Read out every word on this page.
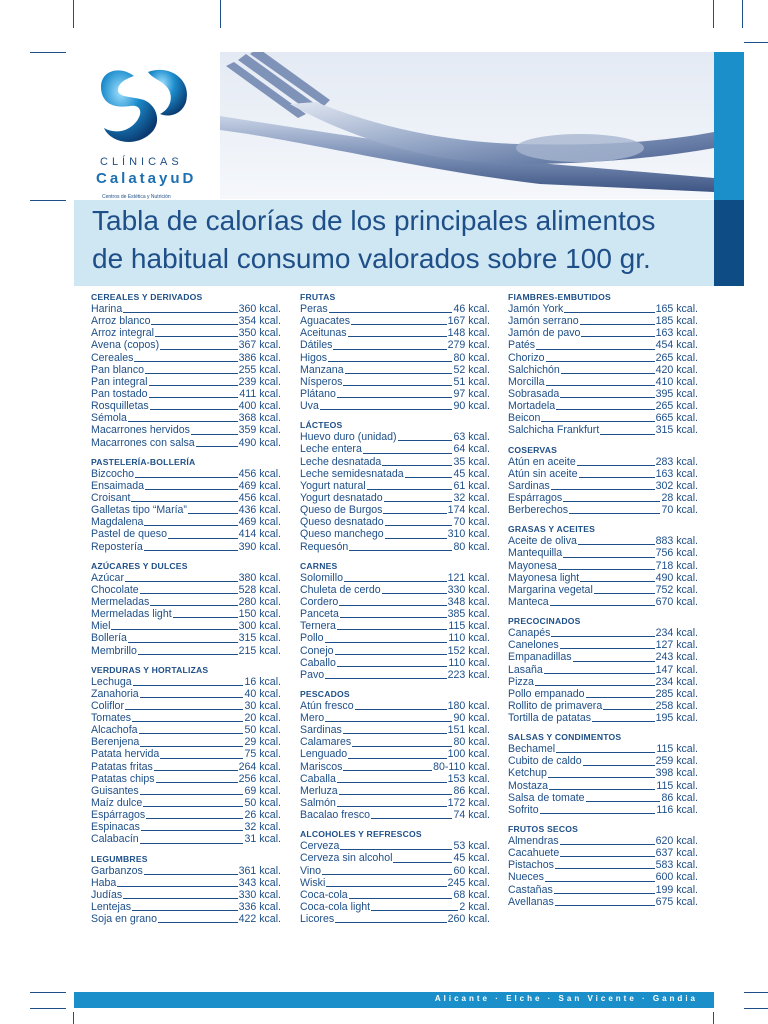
CLÍNICAS
CalatayuD
Centros de Estética y Nutrición
Tabla de calorías de los principales alimentos
de habitual consumo valorados sobre 100 gr.
CEREALES Y DERIVADOS
Harina	360 kcal.
Arroz blanco	354 kcal.
Arroz integral	350 kcal.
Avena (copos)	367 kcal.
Cereales	386 kcal.
Pan blanco	255 kcal.
Pan integral	239 kcal.
Pan tostado	411 kcal.
Rosquilletas	400 kcal.
Sémola	368 kcal.
Macarrones hervidos	359 kcal.
Macarrones con salsa	490 kcal.
PASTELERÍA-BOLLERÍA
Bizcocho	456 kcal.
Ensaimada	469 kcal.
Croisant	456 kcal.
Galletas tipo “María”	436 kcal.
Magdalena	469 kcal.
Pastel de queso	414 kcal.
Repostería	390 kcal.
AZÚCARES Y DULCES
Azúcar	380 kcal.
Chocolate	528 kcal.
Mermeladas	280 kcal.
Mermeladas light	150 kcal.
Miel	300 kcal.
Bollería	315 kcal.
Membrillo	215 kcal.
VERDURAS Y HORTALIZAS
Lechuga	16 kcal.
Zanahoria	40 kcal.
Coliflor	30 kcal.
Tomates	20 kcal.
Alcachofa	50 kcal.
Berenjena	29 kcal.
Patata hervida	75 kcal.
Patatas fritas	264 kcal.
Patatas chips	256 kcal.
Guisantes	69 kcal.
Maíz dulce	50 kcal.
Espárragos	26 kcal.
Espinacas	32 kcal.
Calabacín	31 kcal.
LEGUMBRES
Garbanzos	361 kcal.
Haba	343 kcal.
Judías	330 kcal.
Lentejas	336 kcal.
Soja en grano	422 kcal.
FRUTAS
Peras	46 kcal.
Aguacates	167 kcal.
Aceitunas	148 kcal.
Dátiles	279 kcal.
Higos	80 kcal.
Manzana	52 kcal.
Nísperos	51 kcal.
Plátano	97 kcal.
Uva	90 kcal.
LÁCTEOS
Huevo duro (unidad)	63 kcal.
Leche entera	64 kcal.
Leche desnatada	35 kcal.
Leche semidesnatada	45 kcal.
Yogurt natural	61 kcal.
Yogurt desnatado	32 kcal.
Queso de Burgos	174 kcal.
Queso desnatado	70 kcal.
Queso manchego	310 kcal.
Requesón	80 kcal.
CARNES
Solomillo	121 kcal.
Chuleta de cerdo	330 kcal.
Cordero	348 kcal.
Panceta	385 kcal.
Ternera	115 kcal.
Pollo	110 kcal.
Conejo	152 kcal.
Caballo	110 kcal.
Pavo	223 kcal.
PESCADOS
Atún fresco	180 kcal.
Mero	90 kcal.
Sardinas	151 kcal.
Calamares	80 kcal.
Lenguado	100 kcal.
Mariscos	80-110 kcal.
Caballa	153 kcal.
Merluza	86 kcal.
Salmón	172 kcal.
Bacalao fresco	74 kcal.
ALCOHOLES Y REFRESCOS
Cerveza	53 kcal.
Cerveza sin alcohol	45 kcal.
Vino	60 kcal.
Wiski	245 kcal.
Coca-cola	68 kcal.
Coca-cola light	2 kcal.
Licores	260 kcal.
FIAMBRES-EMBUTIDOS
Jamón York	165 kcal.
Jamón serrano	185 kcal.
Jamón de pavo	163 kcal.
Patés	454 kcal.
Chorizo	265 kcal.
Salchichón	420 kcal.
Morcilla	410 kcal.
Sobrasada	395 kcal.
Mortadela	265 kcal.
Beicon	665 kcal.
Salchicha Frankfurt	315 kcal.
COSERVAS
Atún en aceite	283 kcal.
Atún sin aceite	163 kcal.
Sardinas	302 kcal.
Espárragos	28 kcal.
Berberechos	70 kcal.
GRASAS Y ACEITES
Aceite de oliva	883 kcal.
Mantequilla	756 kcal.
Mayonesa	718 kcal.
Mayonesa light	490 kcal.
Margarina vegetal	752 kcal.
Manteca	670 kcal.
PRECOCINADOS
Canapés	234 kcal.
Canelones	127 kcal.
Empanadillas	243 kcal.
Lasaña	147 kcal.
Pizza	234 kcal.
Pollo empanado	285 kcal.
Rollito de primavera	258 kcal.
Tortilla de patatas	195 kcal.
SALSAS Y CONDIMENTOS
Bechamel	115 kcal.
Cubito de caldo	259 kcal.
Ketchup	398 kcal.
Mostaza	115 kcal.
Salsa de tomate	86 kcal.
Sofrito	116 kcal.
FRUTOS SECOS
Almendras	620 kcal.
Cacahuete	637 kcal.
Pistachos	583 kcal.
Nueces	600 kcal.
Castañas	199 kcal.
Avellanas	675 kcal.
Alicante · Elche · San Vicente · Gandia
